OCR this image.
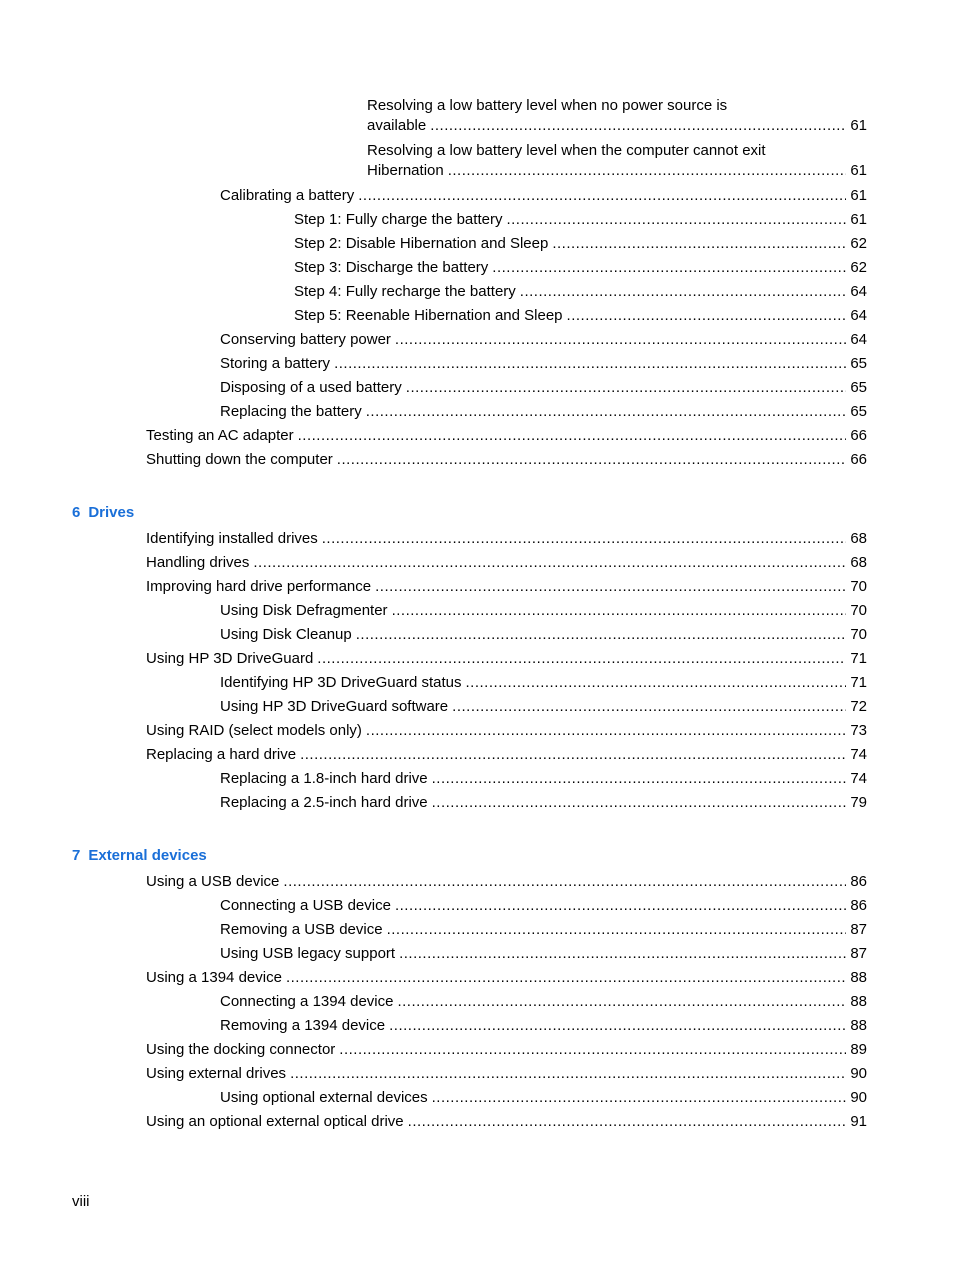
Resolving a low battery level when no power source is
available .....	61
Resolving a low battery level when the computer cannot exit
Hibernation .....	61
Calibrating a battery .....	61
Step 1: Fully charge the battery .....	61
Step 2: Disable Hibernation and Sleep .....	62
Step 3: Discharge the battery .....	62
Step 4: Fully recharge the battery .....	64
Step 5: Reenable Hibernation and Sleep .....	64
Conserving battery power .....	64
Storing a battery .....	65
Disposing of a used battery .....	65
Replacing the battery .....	65
Testing an AC adapter .....	66
Shutting down the computer .....	66
6 Drives
Identifying installed drives .....	68
Handling drives .....	68
Improving hard drive performance .....	70
Using Disk Defragmenter .....	70
Using Disk Cleanup .....	70
Using HP 3D DriveGuard .....	71
Identifying HP 3D DriveGuard status .....	71
Using HP 3D DriveGuard software .....	72
Using RAID (select models only) .....	73
Replacing a hard drive .....	74
Replacing a 1.8-inch hard drive .....	74
Replacing a 2.5-inch hard drive .....	79
7 External devices
Using a USB device .....	86
Connecting a USB device .....	86
Removing a USB device .....	87
Using USB legacy support .....	87
Using a 1394 device .....	88
Connecting a 1394 device .....	88
Removing a 1394 device .....	88
Using the docking connector .....	89
Using external drives .....	90
Using optional external devices .....	90
Using an optional external optical drive .....	91
viii
